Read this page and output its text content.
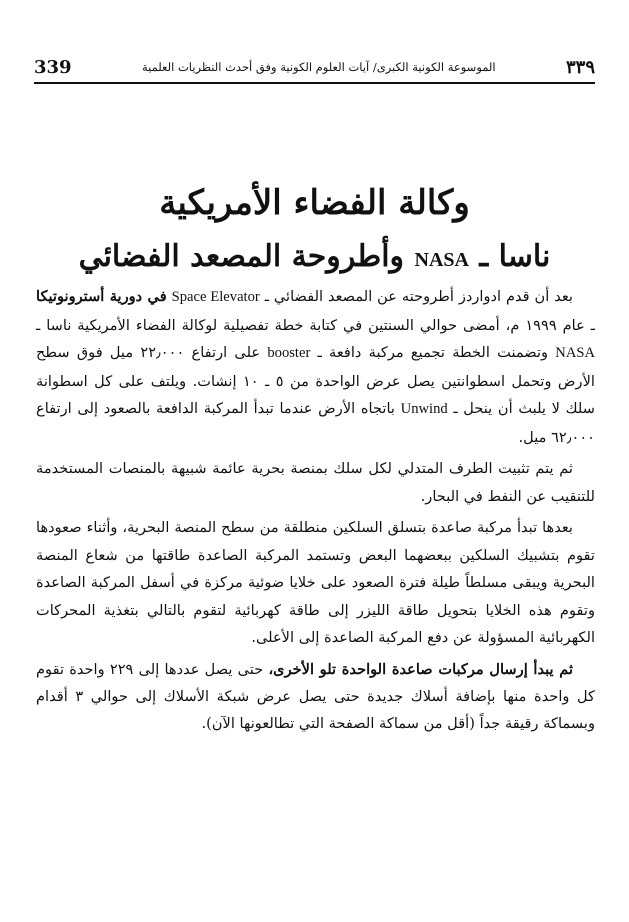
339	الموسوعة الكونية الكبرى/ آيات العلوم الكونية وفق أحدث النظريات العلمية	٣٣٩
وكالة الفضاء الأمريكية
ناسا ـ NASA وأطروحة المصعد الفضائي

بعد أن قدم ادواردز أطروحته عن المصعد الفضائي ـ Space Elevator في دورية أسترونوتيكا ـ عام ١٩٩٩ م، أمضى حوالي السنتين في كتابة خطة تفصيلية لوكالة الفضاء الأمريكية ناسا ـ NASA وتضمنت الخطة تجميع مركبة دافعة ـ booster على ارتفاع ٢٢٫٠٠٠ ميل فوق سطح الأرض وتحمل اسطوانتين يصل عرض الواحدة من ٥ ـ ١٠ إنشات. ويلتف على كل اسطوانة سلك لا يلبث أن ينحل ـ Unwind باتجاه الأرض عندما تبدأ المركبة الدافعة بالصعود إلى ارتفاع ٦٢٫٠٠٠ ميل.

ثم يتم تثبيت الطرف المتدلي لكل سلك بمنصة بحرية عائمة شبيهة بالمنصات المستخدمة للتنقيب عن النفط في البحار.

بعدها تبدأ مركبة صاعدة بتسلق السلكين منطلقة من سطح المنصة البحرية، وأثناء صعودها تقوم بتشبيك السلكين ببعضهما البعض وتستمد المركبة الصاعدة طاقتها من شعاع المنصة البحرية ويبقى مسلطاً طيلة فترة الصعود على خلايا ضوئية مركزة في أسفل المركبة الصاعدة وتقوم هذه الخلايا بتحويل طاقة الليزر إلى طاقة كهربائية لتقوم بالتالي بتغذية المحركات الكهربائية المسؤولة عن دفع المركبة الصاعدة إلى الأعلى.

ثم يبدأ إرسال مركبات صاعدة الواحدة تلو الأخرى، حتى يصل عددها إلى ٢٢٩ واحدة تقوم كل واحدة منها بإضافة أسلاك جديدة حتى يصل عرض شبكة الأسلاك إلى حوالي ٣ أقدام وبسماكة رقيقة جداً (أقل من سماكة الصفحة التي تطالعونها الآن).
